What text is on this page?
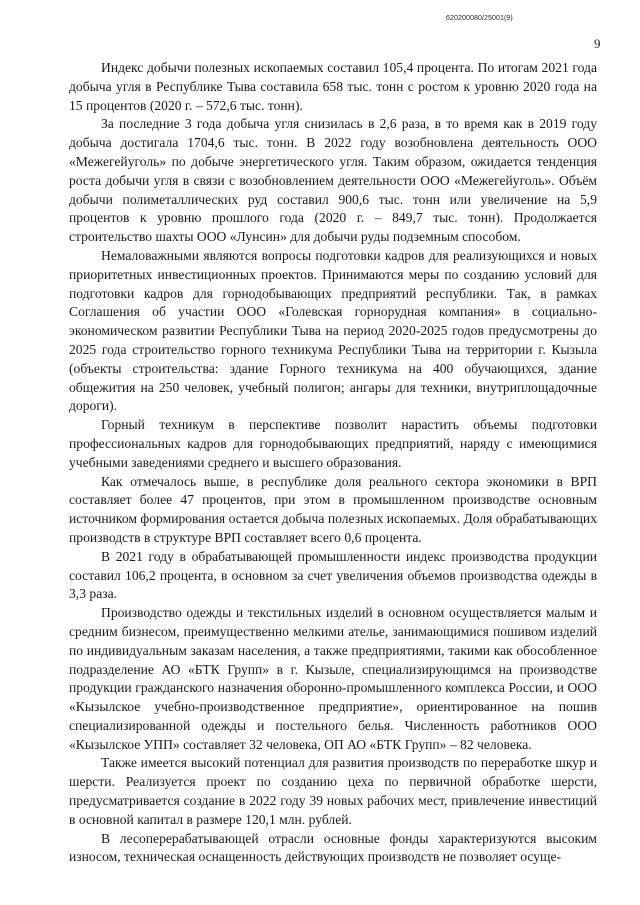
620200080/25001(9)
9

Индекс добычи полезных ископаемых составил 105,4 процента. По итогам 2021 года добыча угля в Республике Тыва составила 658 тыс. тонн с ростом к уровню 2020 года на 15 процентов (2020 г. – 572,6 тыс. тонн).

За последние 3 года добыча угля снизилась в 2,6 раза, в то время как в 2019 году добыча достигала 1704,6 тыс. тонн. В 2022 году возобновлена деятельность ООО «Межегейуголь» по добыче энергетического угля. Таким образом, ожидается тенденция роста добычи угля в связи с возобновлением деятельности ООО «Межегейуголь». Объём добычи полиметаллических руд составил 900,6 тыс. тонн или увеличение на 5,9 процентов к уровню прошлого года (2020 г. – 849,7 тыс. тонн). Продолжается строительство шахты ООО «Лунсин» для добычи руды подземным способом.

Немаловажными являются вопросы подготовки кадров для реализующихся и новых приоритетных инвестиционных проектов. Принимаются меры по созданию условий для подготовки кадров для горнодобывающих предприятий республики. Так, в рамках Соглашения об участии ООО «Голевская горнорудная компания» в социально-экономическом развитии Республики Тыва на период 2020-2025 годов предусмотрены до 2025 года строительство горного техникума Республики Тыва на территории г. Кызыла (объекты строительства: здание Горного техникума на 400 обучающихся, здание общежития на 250 человек, учебный полигон; ангары для техники, внутриплощадочные дороги).

Горный техникум в перспективе позволит нарастить объемы подготовки профессиональных кадров для горнодобывающих предприятий, наряду с имеющимися учебными заведениями среднего и высшего образования.

Как отмечалось выше, в республике доля реального сектора экономики в ВРП составляет более 47 процентов, при этом в промышленном производстве основным источником формирования остается добыча полезных ископаемых. Доля обрабатывающих производств в структуре ВРП составляет всего 0,6 процента.

В 2021 году в обрабатывающей промышленности индекс производства продукции составил 106,2 процента, в основном за счет увеличения объемов производства одежды в 3,3 раза.

Производство одежды и текстильных изделий в основном осуществляется малым и средним бизнесом, преимущественно мелкими ателье, занимающимися пошивом изделий по индивидуальным заказам населения, а также предприятиями, такими как обособленное подразделение АО «БТК Групп» в г. Кызыле, специализирующимся на производстве продукции гражданского назначения оборонно-промышленного комплекса России, и ООО «Кызылское учебно-производственное предприятие», ориентированное на пошив специализированной одежды и постельного белья. Численность работников ООО «Кызылское УПП» составляет 32 человека, ОП АО «БТК Групп» – 82 человека.

Также имеется высокий потенциал для развития производств по переработке шкур и шерсти. Реализуется проект по созданию цеха по первичной обработке шерсти, предусматривается создание в 2022 году 39 новых рабочих мест, привлечение инвестиций в основной капитал в размере 120,1 млн. рублей.

В лесоперерабатывающей отрасли основные фонды характеризуются высоким износом, техническая оснащенность действующих производств не позволяет осуще-
